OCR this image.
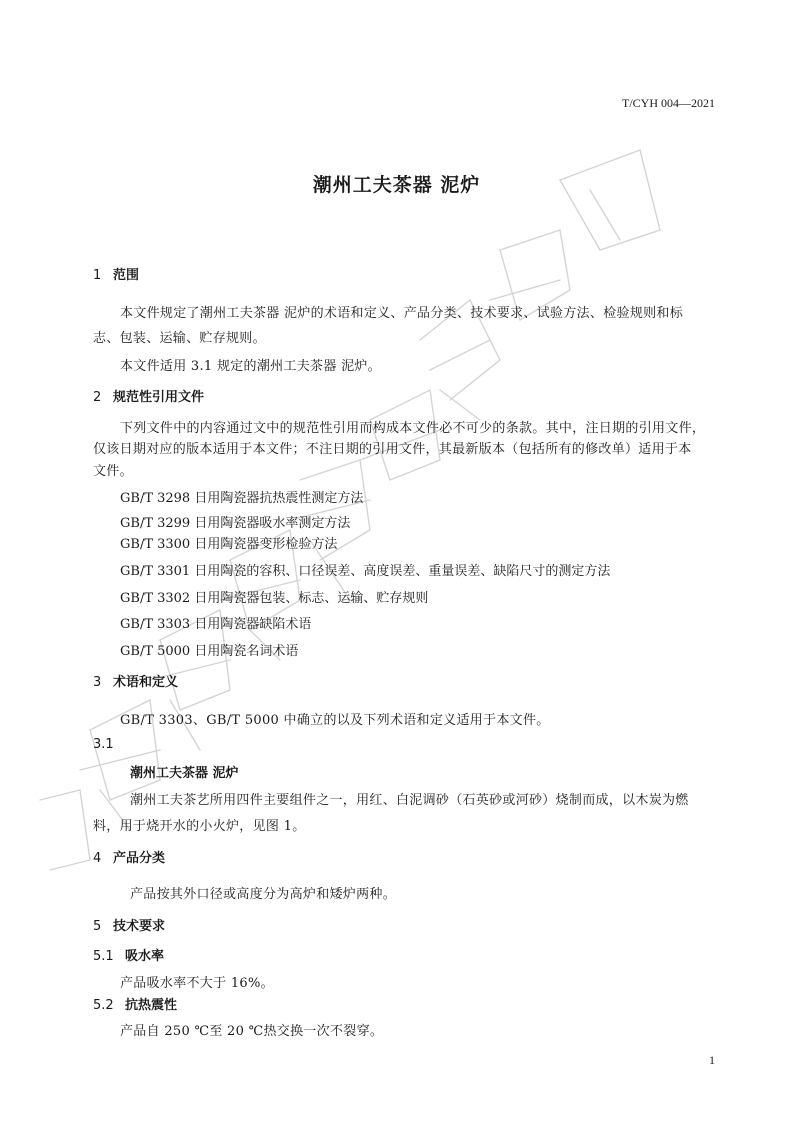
T/CYH 004—2021
潮州工夫茶器 泥炉
1 范围
本文件规定了潮州工夫茶器 泥炉的术语和定义、产品分类、技术要求、试验方法、检验规则和标
志、包装、运输、贮存规则。
本文件适用 3.1 规定的潮州工夫茶器 泥炉。
2 规范性引用文件
下列文件中的内容通过文中的规范性引用而构成本文件必不可少的条款。其中，注日期的引用文件，
仅该日期对应的版本适用于本文件；不注日期的引用文件，其最新版本（包括所有的修改单）适用于本
文件。
GB/T 3298 日用陶瓷器抗热震性测定方法
GB/T 3299 日用陶瓷器吸水率测定方法
GB/T 3300 日用陶瓷器变形检验方法
GB/T 3301 日用陶瓷的容积、口径误差、高度误差、重量误差、缺陷尺寸的测定方法
GB/T 3302 日用陶瓷器包装、标志、运输、贮存规则
GB/T 3303 日用陶瓷器缺陷术语
GB/T 5000 日用陶瓷名词术语
3 术语和定义
GB/T 3303、GB/T 5000 中确立的以及下列术语和定义适用于本文件。
3.1
潮州工夫茶器 泥炉
潮州工夫茶艺所用四件主要组件之一，用红、白泥调砂（石英砂或河砂）烧制而成，以木炭为燃
料，用于烧开水的小火炉，见图 1。
4 产品分类
产品按其外口径或高度分为高炉和矮炉两种。
5 技术要求
5.1 吸水率
产品吸水率不大于 16%。
5.2 抗热震性
产品自 250 ℃至 20 ℃热交换一次不裂穿。
1
